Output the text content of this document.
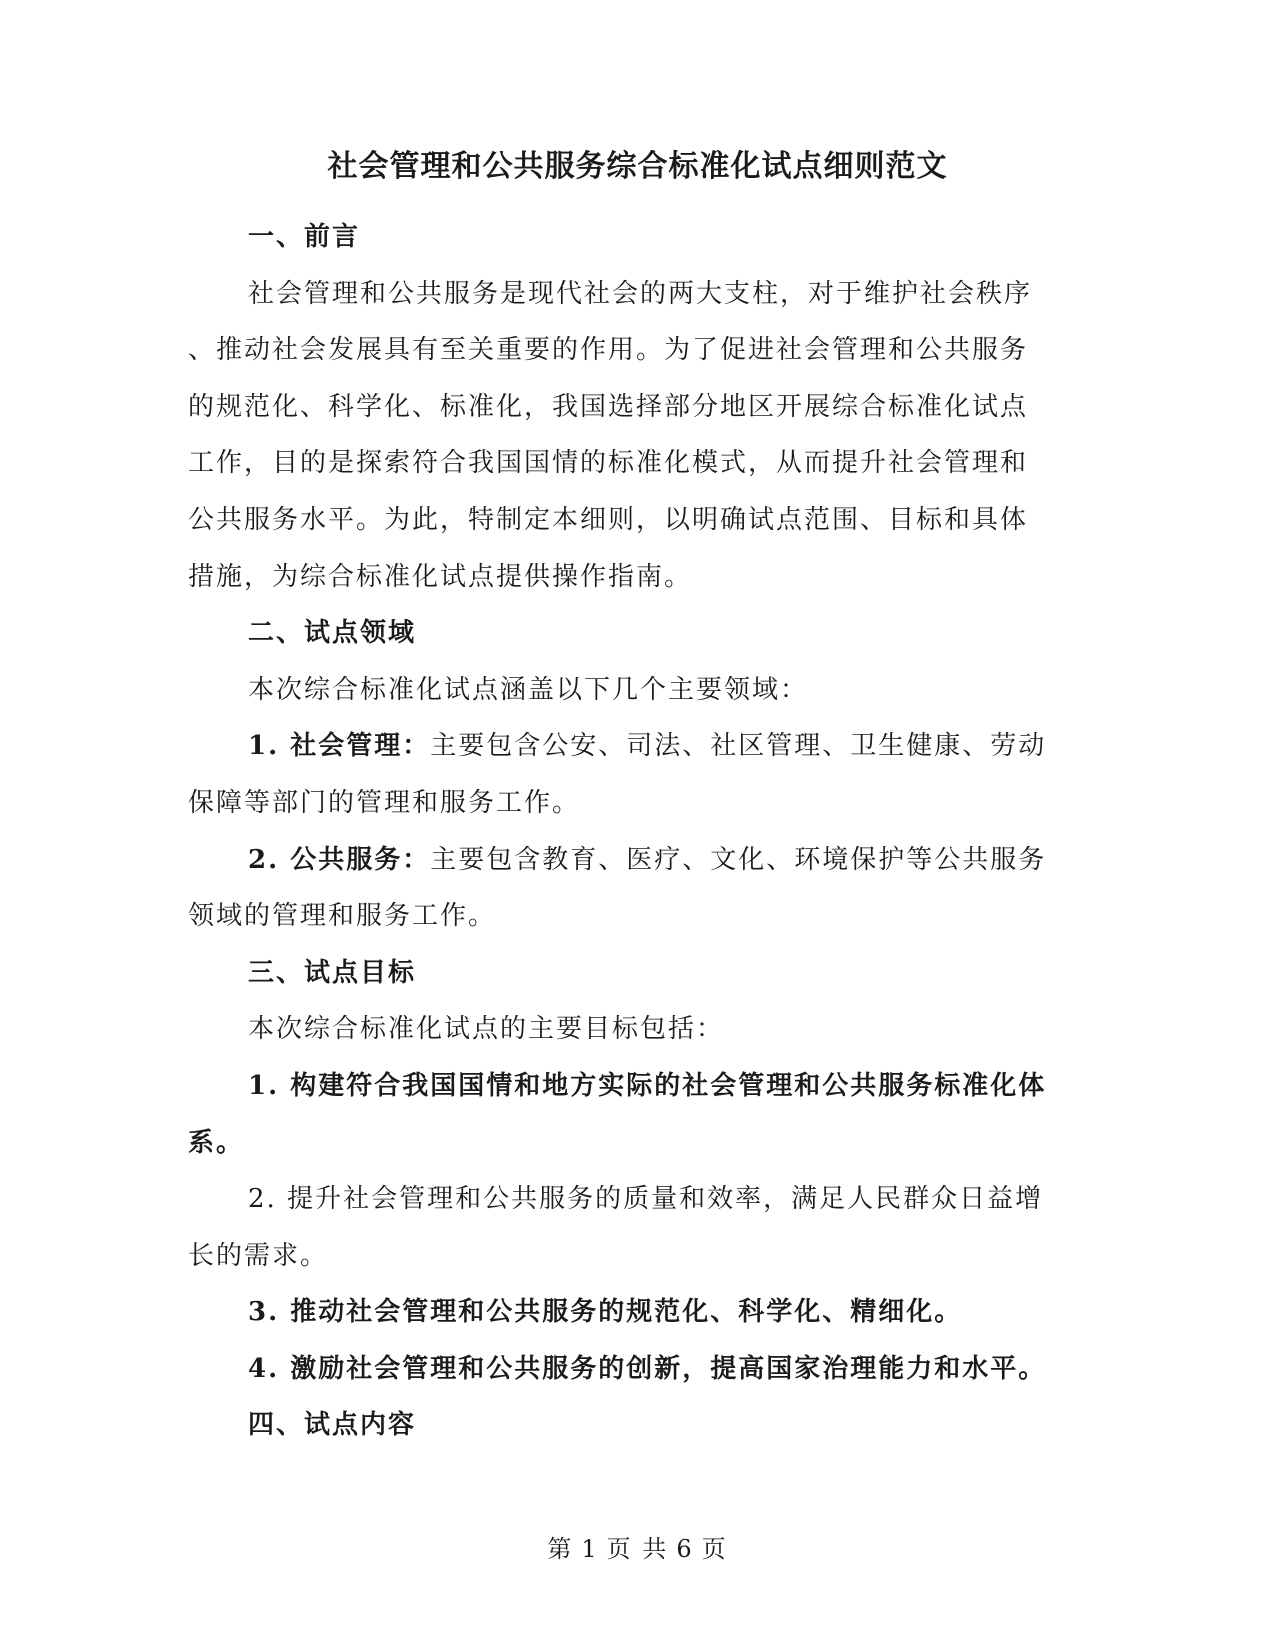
社会管理和公共服务综合标准化试点细则范文
一、前言
社会管理和公共服务是现代社会的两大支柱，对于维护社会秩序
、推动社会发展具有至关重要的作用。为了促进社会管理和公共服务
的规范化、科学化、标准化，我国选择部分地区开展综合标准化试点
工作，目的是探索符合我国国情的标准化模式，从而提升社会管理和
公共服务水平。为此，特制定本细则，以明确试点范围、目标和具体
措施，为综合标准化试点提供操作指南。
二、试点领域
本次综合标准化试点涵盖以下几个主要领域：
1. 社会管理：主要包含公安、司法、社区管理、卫生健康、劳动
保障等部门的管理和服务工作。
2. 公共服务：主要包含教育、医疗、文化、环境保护等公共服务
领域的管理和服务工作。
三、试点目标
本次综合标准化试点的主要目标包括：
1. 构建符合我国国情和地方实际的社会管理和公共服务标准化体
系。
2. 提升社会管理和公共服务的质量和效率，满足人民群众日益增
长的需求。
3. 推动社会管理和公共服务的规范化、科学化、精细化。
4. 激励社会管理和公共服务的创新，提高国家治理能力和水平。
四、试点内容
第 1 页 共 6 页
